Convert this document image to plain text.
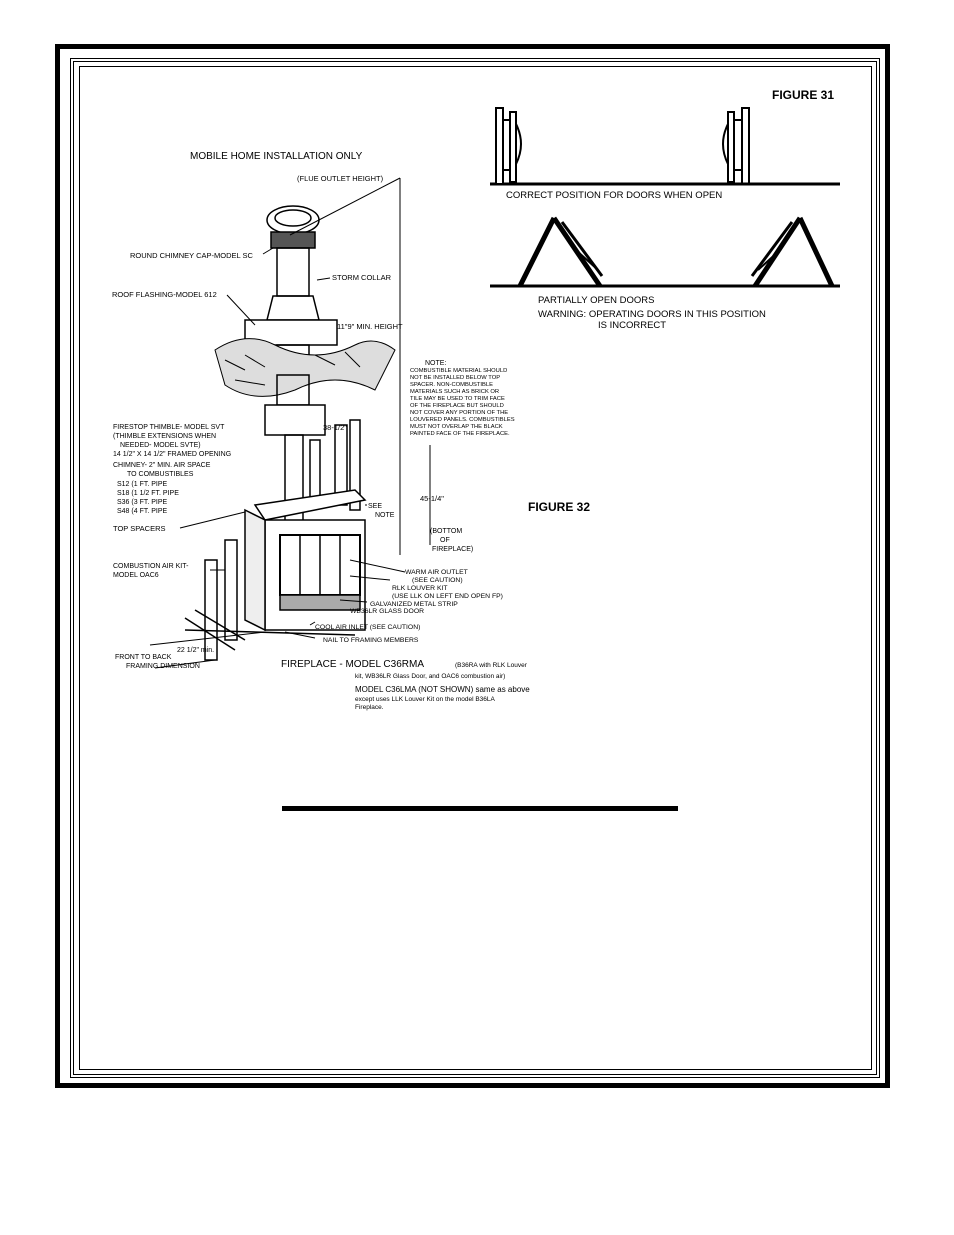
FIGURE 31
FIGURE 32
CORRECT POSITION FOR DOORS WHEN OPEN
PARTIALLY OPEN DOORS
WARNING: OPERATING DOORS IN THIS POSITION
IS INCORRECT
MOBILE HOME INSTALLATION ONLY
(FLUE OUTLET HEIGHT)
ROUND CHIMNEY CAP-MODEL SC
STORM COLLAR
ROOF FLASHING-MODEL 612
11"9" MIN. HEIGHT
NOTE:
COMBUSTIBLE MATERIAL SHOULD
NOT BE INSTALLED BELOW TOP
SPACER. NON-COMBUSTIBLE
MATERIALS SUCH AS BRICK OR
TILE MAY BE USED TO TRIM FACE
OF THE FIREPLACE BUT SHOULD
NOT COVER ANY PORTION OF THE
LOUVERED PANELS. COMBUSTIBLES
MUST NOT OVERLAP THE BLACK
PAINTED FACE OF THE FIREPLACE.
FIRESTOP THIMBLE- MODEL SVT
(THIMBLE EXTENSIONS WHEN
NEEDED- MODEL SVTE)
14 1/2" X 14 1/2" FRAMED OPENING
CHIMNEY- 2" MIN. AIR SPACE
TO COMBUSTIBLES
S12 (1 FT. PIPE
S18 (1 1/2 FT. PIPE
S36 (3 FT. PIPE
S48 (4 FT. PIPE
38-1/2"
45-1/4"
SEE
NOTE
(BOTTOM
OF
FIREPLACE)
TOP SPACERS
COMBUSTION AIR KIT-
MODEL OAC6	WARM AIR OUTLET
(SEE CAUTION)
RLK LOUVER KIT
(USE LLK ON LEFT END OPEN FP)
GALVANIZED METAL STRIP
WB36LR GLASS DOOR
COOL AIR INLET (SEE CAUTION)
NAIL TO FRAMING MEMBERS
22 1/2" min.
FRONT TO BACK
FRAMING DIMENSION	FIREPLACE - MODEL C36RMA	(B36RA with RLK Louver
kit, WB36LR Glass Door, and OAC6 combustion air)
MODEL C36LMA (NOT SHOWN) same as above
except uses LLK Louver Kit on the model B36LA
Fireplace.
